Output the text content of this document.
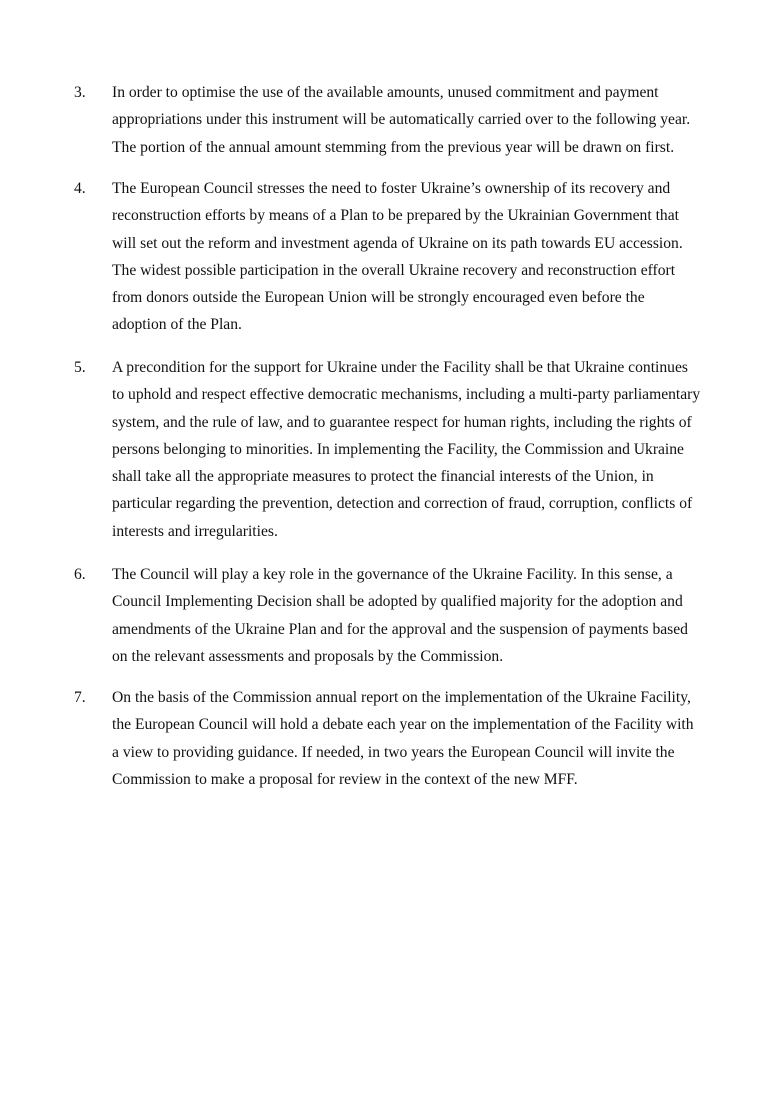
3.	In order to optimise the use of the available amounts, unused commitment and payment
appropriations under this instrument will be automatically carried over to the following year.
The portion of the annual amount stemming from the previous year will be drawn on first.
4.	The European Council stresses the need to foster Ukraine’s ownership of its recovery and
reconstruction efforts by means of a Plan to be prepared by the Ukrainian Government that
will set out the reform and investment agenda of Ukraine on its path towards EU accession.
The widest possible participation in the overall Ukraine recovery and reconstruction effort
from donors outside the European Union will be strongly encouraged even before the
adoption of the Plan.
5.	A precondition for the support for Ukraine under the Facility shall be that Ukraine continues
to uphold and respect effective democratic mechanisms, including a multi-party parliamentary
system, and the rule of law, and to guarantee respect for human rights, including the rights of
persons belonging to minorities. In implementing the Facility, the Commission and Ukraine
shall take all the appropriate measures to protect the financial interests of the Union, in
particular regarding the prevention, detection and correction of fraud, corruption, conflicts of
interests and irregularities.
6.	The Council will play a key role in the governance of the Ukraine Facility. In this sense, a
Council Implementing Decision shall be adopted by qualified majority for the adoption and
amendments of the Ukraine Plan and for the approval and the suspension of payments based
on the relevant assessments and proposals by the Commission.
7.	On the basis of the Commission annual report on the implementation of the Ukraine Facility,
the European Council will hold a debate each year on the implementation of the Facility with
a view to providing guidance. If needed, in two years the European Council will invite the
Commission to make a proposal for review in the context of the new MFF.
